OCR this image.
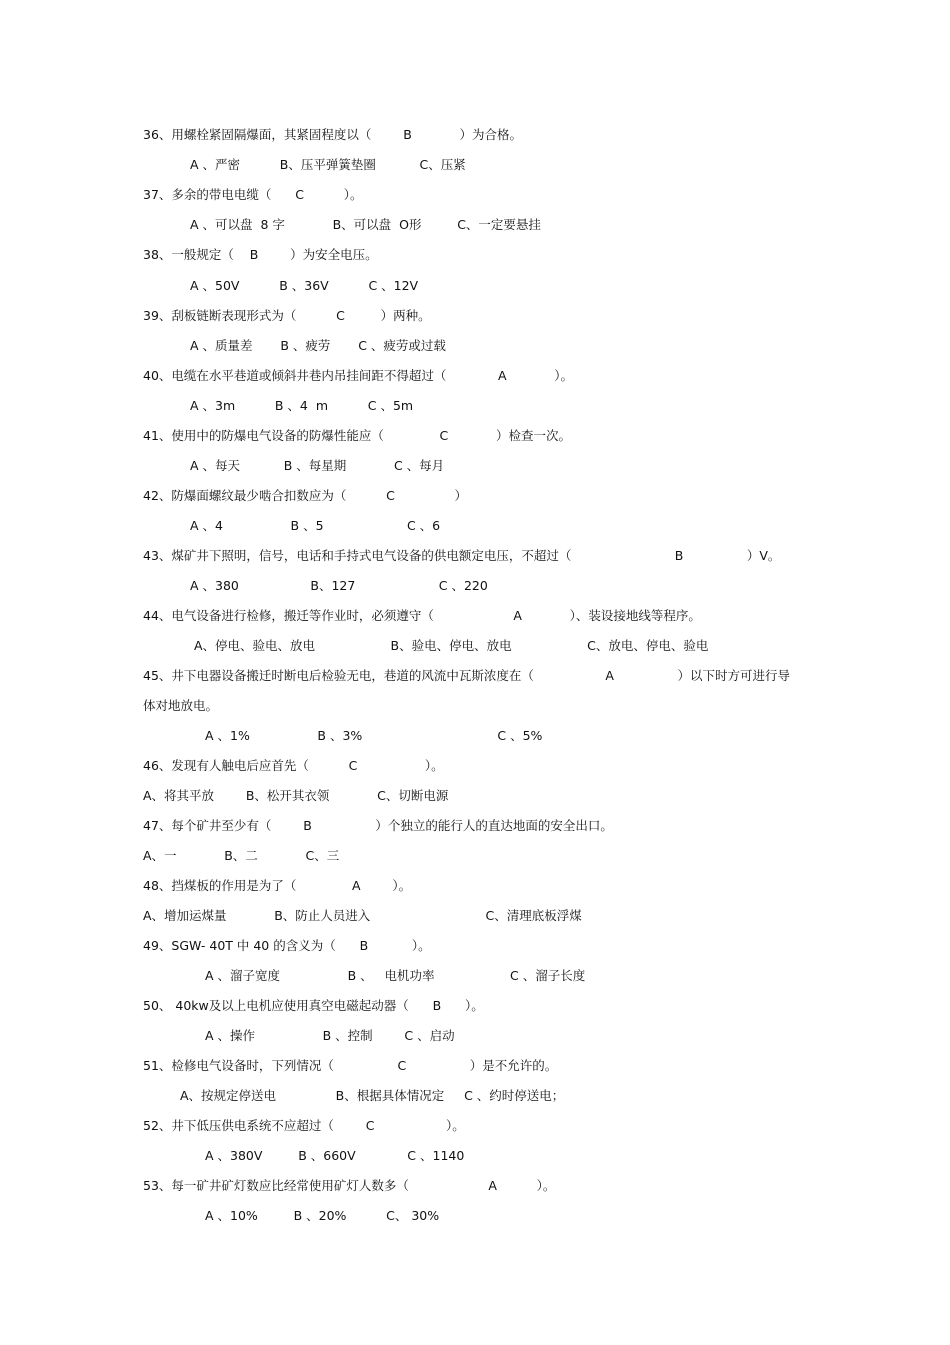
36、用螺栓紧固隔爆面，其紧固程度以（        B            ）为合格。
A 、严密          B、压平弹簧垫圈           C、压紧
37、多余的带电电缆（      C          ）。
A 、可以盘  8 字            B、可以盘  O形         C、一定要悬挂
38、一般规定（    B        ）为安全电压。
A 、50V          B 、36V          C 、12V
39、刮板链断表现形式为（          C         ）两种。
A 、质量差       B 、疲劳       C 、疲劳或过载
40、电缆在水平巷道或倾斜井巷内吊挂间距不得超过（             A            ）。
A 、3m          B 、4  m          C 、5m
41、使用中的防爆电气设备的防爆性能应（              C            ）检查一次。
A 、每天           B 、每星期            C 、每月
42、防爆面螺纹最少啮合扣数应为（          C               ）
A 、4                 B 、5                     C 、6
43、煤矿井下照明，信号，电话和手持式电气设备的供电额定电压，不超过（                          B                ）V。
A 、380                  B、127                     C 、220
44、电气设备进行检修，搬迁等作业时，必须遵守（                    A            ）、装设接地线等程序。
A、停电、验电、放电                   B、验电、停电、放电                   C、放电、停电、验电
45、井下电器设备搬迁时断电后检验无电，巷道的风流中瓦斯浓度在（                  A                ）以下时方可进行导
体对地放电。
A 、1%                 B 、3%                                  C 、5%
46、发现有人触电后应首先（          C                 ）。
A、将其平放        B、松开其衣领            C、切断电源
47、每个矿井至少有（        B                ）个独立的能行人的直达地面的安全出口。
A、一            B、二            C、三
48、挡煤板的作用是为了（              A        ）。
A、增加运煤量            B、防止人员进入                             C、清理底板浮煤
49、SGW- 40T 中 40 的含义为（      B           ）。
A 、溜子宽度                 B 、   电机功率                   C 、溜子长度
50、 40kw及以上电机应使用真空电磁起动器（      B      ）。
A 、操作                 B 、控制        C 、启动
51、检修电气设备时，下列情况（                C                ）是不允许的。
A、按规定停送电               B、根据具体情况定     C 、约时停送电；
52、井下低压供电系统不应超过（        C                  ）。
A 、380V         B 、660V             C 、1140
53、每一矿井矿灯数应比经常使用矿灯人数多（                    A          ）。
A 、10%         B 、20%          C、 30%
